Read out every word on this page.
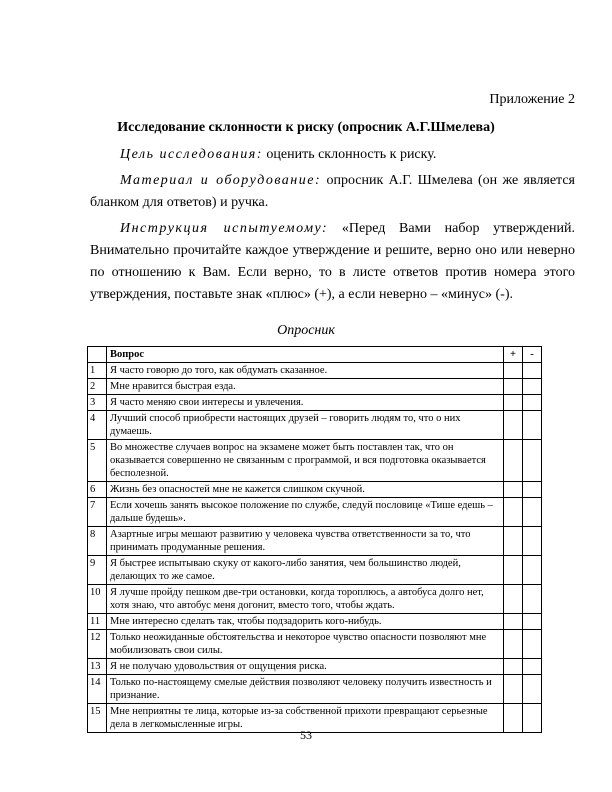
Приложение 2
Исследование склонности к риску (опросник А.Г.Шмелева)
Цель исследования: оценить склонность к риску.
Материал и оборудование: опросник А.Г. Шмелева (он же является бланком для ответов) и ручка.
Инструкция испытуемому: «Перед Вами набор утверждений. Внимательно прочитайте каждое утверждение и решите, верно оно или неверно по отношению к Вам. Если верно, то в листе ответов против номера этого утверждения, поставьте знак «плюс» (+), а если неверно – «минус» (-).
Опросник
	Вопрос	+	-
1	Я часто говорю до того, как обдумать сказанное.		
2	Мне нравится быстрая езда.		
3	Я часто меняю свои интересы и увлечения.		
4	Лучший способ приобрести настоящих друзей – говорить людям то, что о них думаешь.		
5	Во множестве случаев вопрос на экзамене может быть поставлен так, что он оказывается совершенно не связанным с программой, и вся подготовка оказывается бесполезной.		
6	Жизнь без опасностей мне не кажется слишком скучной.		
7	Если хочешь занять высокое положение по службе, следуй пословице «Тише едешь – дальше будешь».		
8	Азартные игры мешают развитию у человека чувства ответственности за то, что принимать продуманные решения.		
9	Я быстрее испытываю скуку от какого-либо занятия, чем большинство людей, делающих то же самое.		
10	Я лучше пройду пешком две-три остановки, когда тороплюсь, а автобуса долго нет, хотя знаю, что автобус меня догонит, вместо того, чтобы ждать.		
11	Мне интересно сделать так, чтобы подзадорить кого-нибудь.		
12	Только неожиданные обстоятельства и некоторое чувство опасности позволяют мне мобилизовать свои силы.		
13	Я не получаю удовольствия от ощущения риска.		
14	Только по-настоящему смелые действия позволяют человеку получить известность и признание.		
15	Мне неприятны те лица, которые из-за собственной прихоти превращают серьезные дела в легкомысленные игры.		
53
